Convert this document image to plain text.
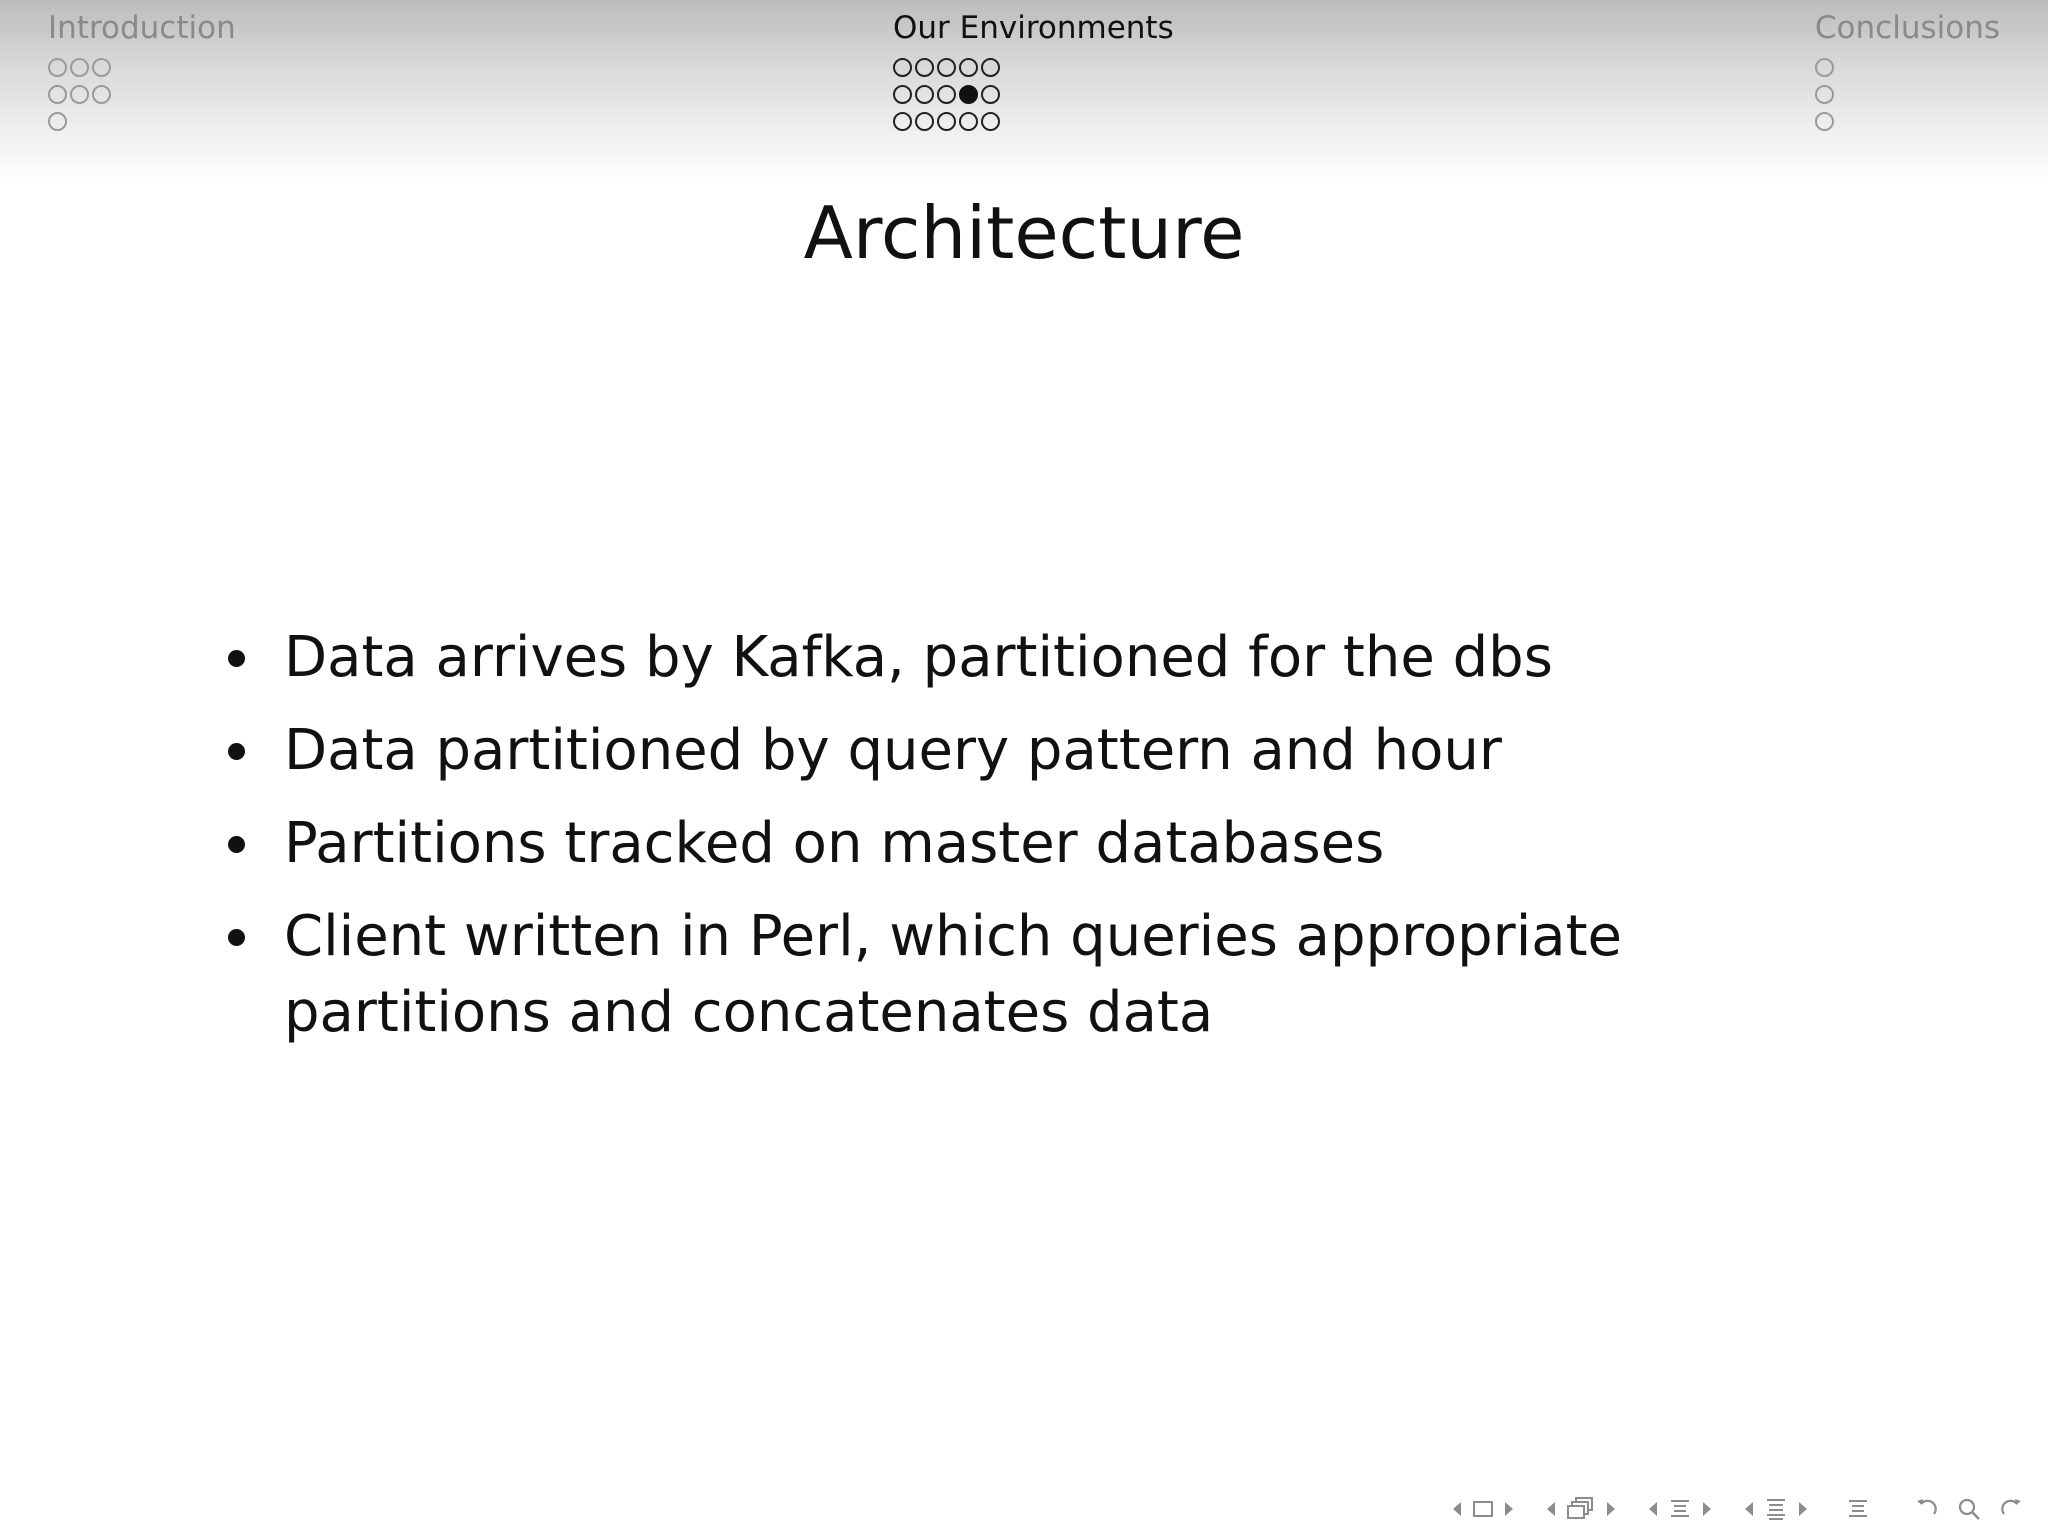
Introduction	Our Environments	Conclusions
Architecture
Data arrives by Kafka, partitioned for the dbs
Data partitioned by query pattern and hour
Partitions tracked on master databases
Client written in Perl, which queries appropriate partitions and concatenates data
